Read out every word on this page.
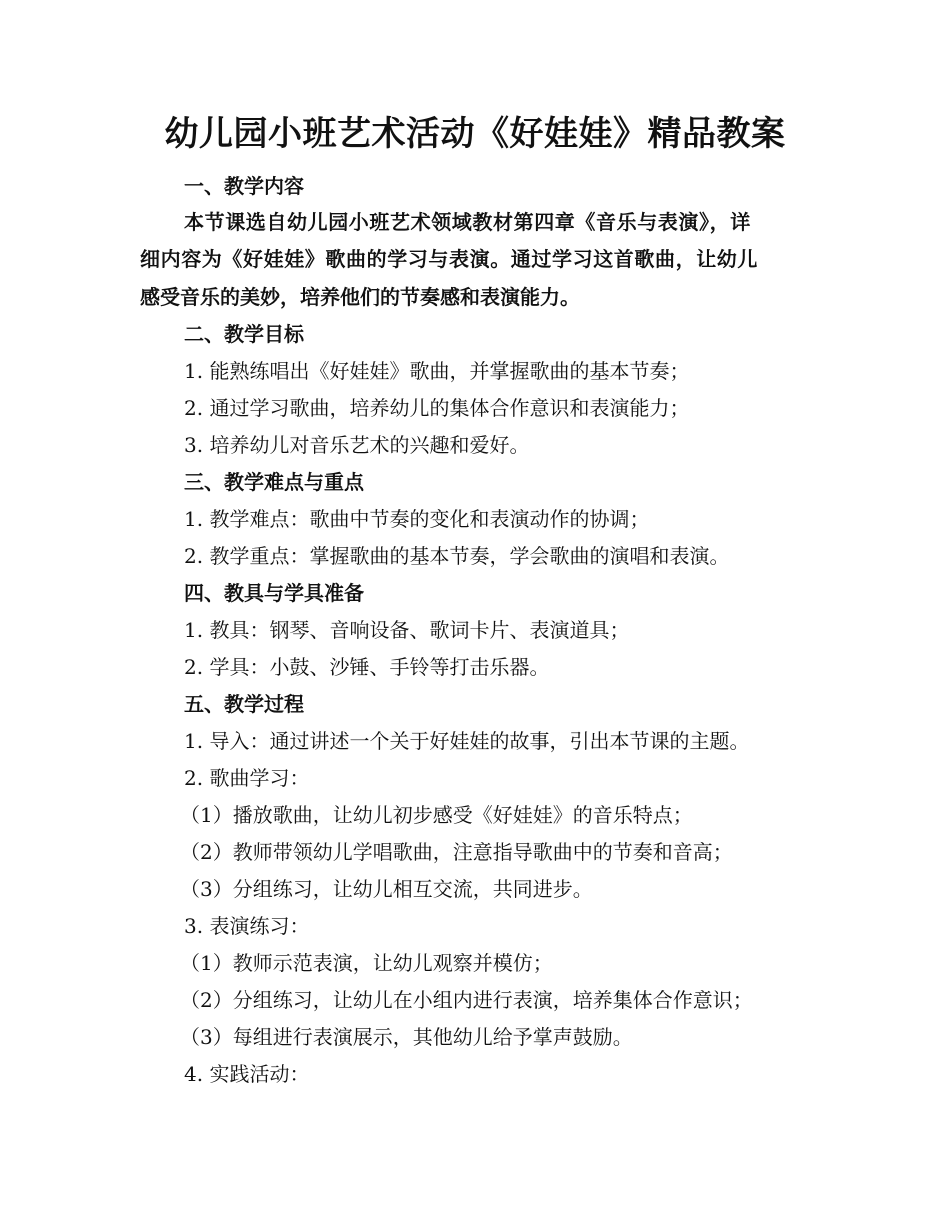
幼儿园小班艺术活动《好娃娃》精品教案
一、教学内容
本节课选自幼儿园小班艺术领域教材第四章《音乐与表演》，详
细内容为《好娃娃》歌曲的学习与表演。通过学习这首歌曲，让幼儿
感受音乐的美妙，培养他们的节奏感和表演能力。
二、教学目标
1. 能熟练唱出《好娃娃》歌曲，并掌握歌曲的基本节奏；
2. 通过学习歌曲，培养幼儿的集体合作意识和表演能力；
3. 培养幼儿对音乐艺术的兴趣和爱好。
三、教学难点与重点
1. 教学难点：歌曲中节奏的变化和表演动作的协调；
2. 教学重点：掌握歌曲的基本节奏，学会歌曲的演唱和表演。
四、教具与学具准备
1. 教具：钢琴、音响设备、歌词卡片、表演道具；
2. 学具：小鼓、沙锤、手铃等打击乐器。
五、教学过程
1. 导入：通过讲述一个关于好娃娃的故事，引出本节课的主题。
2. 歌曲学习：
（1）播放歌曲，让幼儿初步感受《好娃娃》的音乐特点；
（2）教师带领幼儿学唱歌曲，注意指导歌曲中的节奏和音高；
（3）分组练习，让幼儿相互交流，共同进步。
3. 表演练习：
（1）教师示范表演，让幼儿观察并模仿；
（2）分组练习，让幼儿在小组内进行表演，培养集体合作意识；
（3）每组进行表演展示，其他幼儿给予掌声鼓励。
4. 实践活动：
